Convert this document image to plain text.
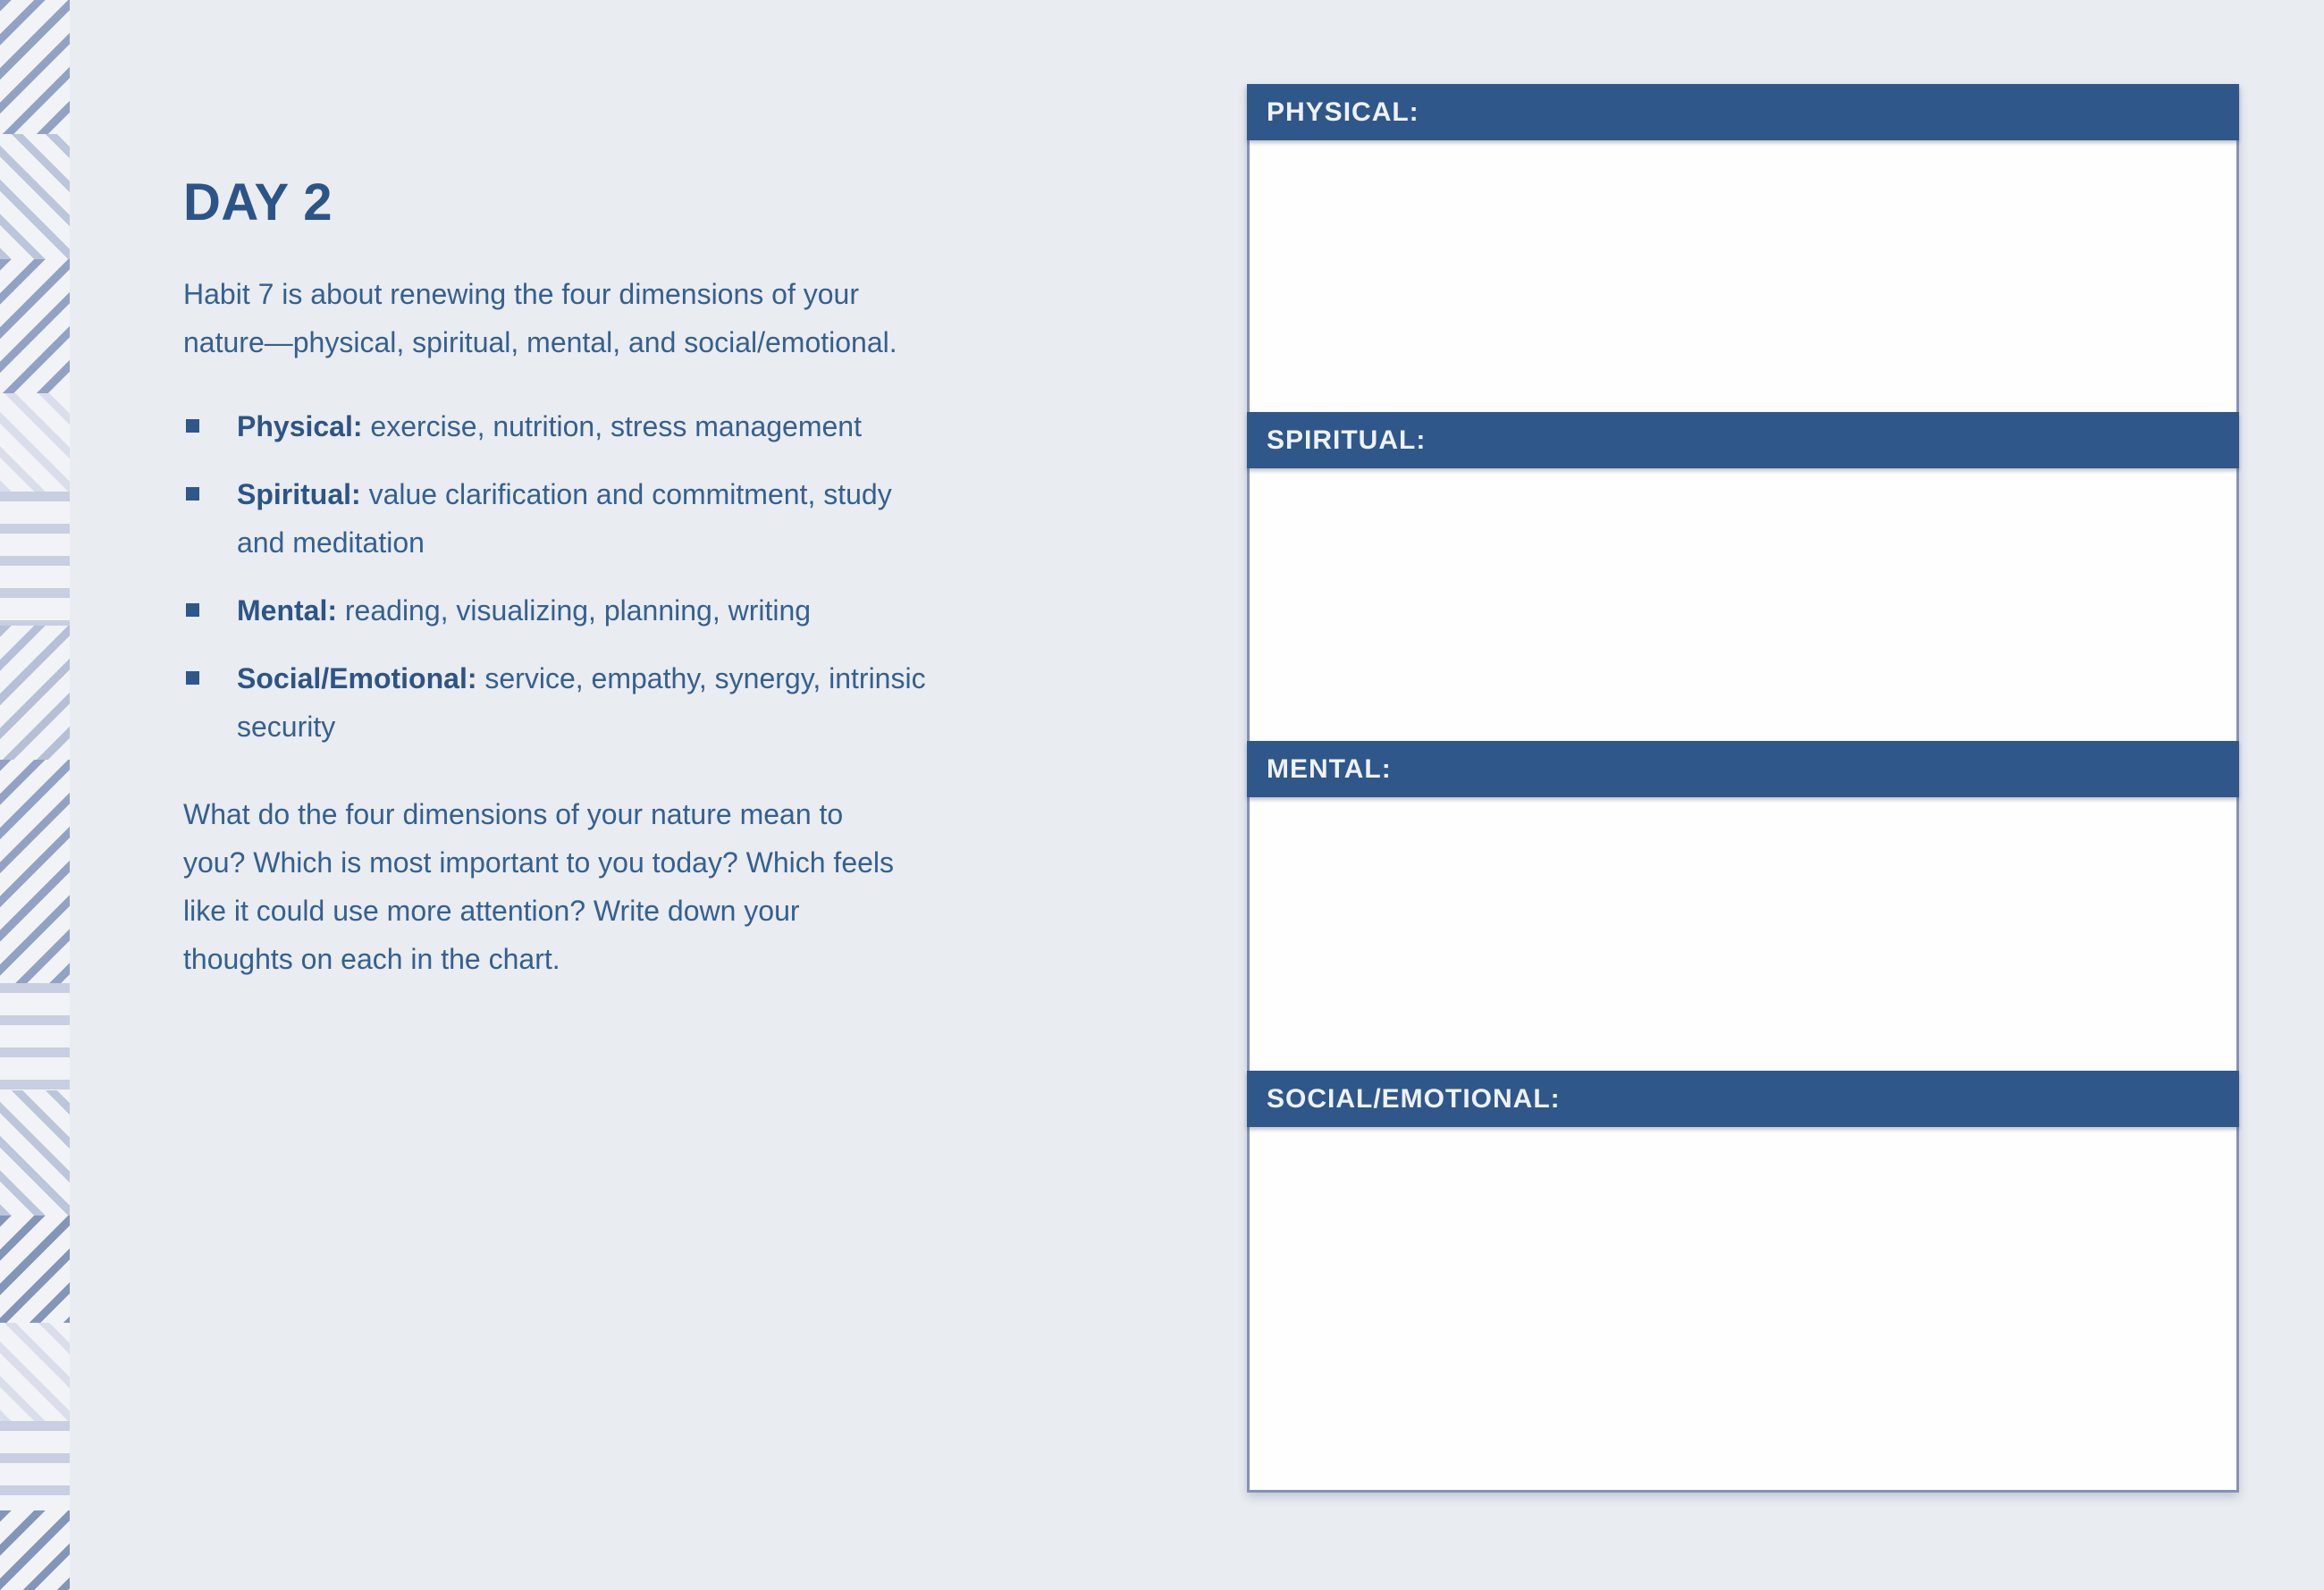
DAY 2

Habit 7 is about renewing the four dimensions of your nature—physical, spiritual, mental, and social/emotional.

Physical: exercise, nutrition, stress management
Spiritual: value clarification and commitment, study and meditation
Mental: reading, visualizing, planning, writing
Social/Emotional: service, empathy, synergy, intrinsic security

What do the four dimensions of your nature mean to you? Which is most important to you today? Which feels like it could use more attention? Write down your thoughts on each in the chart.

PHYSICAL:
SPIRITUAL:
MENTAL:
SOCIAL/EMOTIONAL:
